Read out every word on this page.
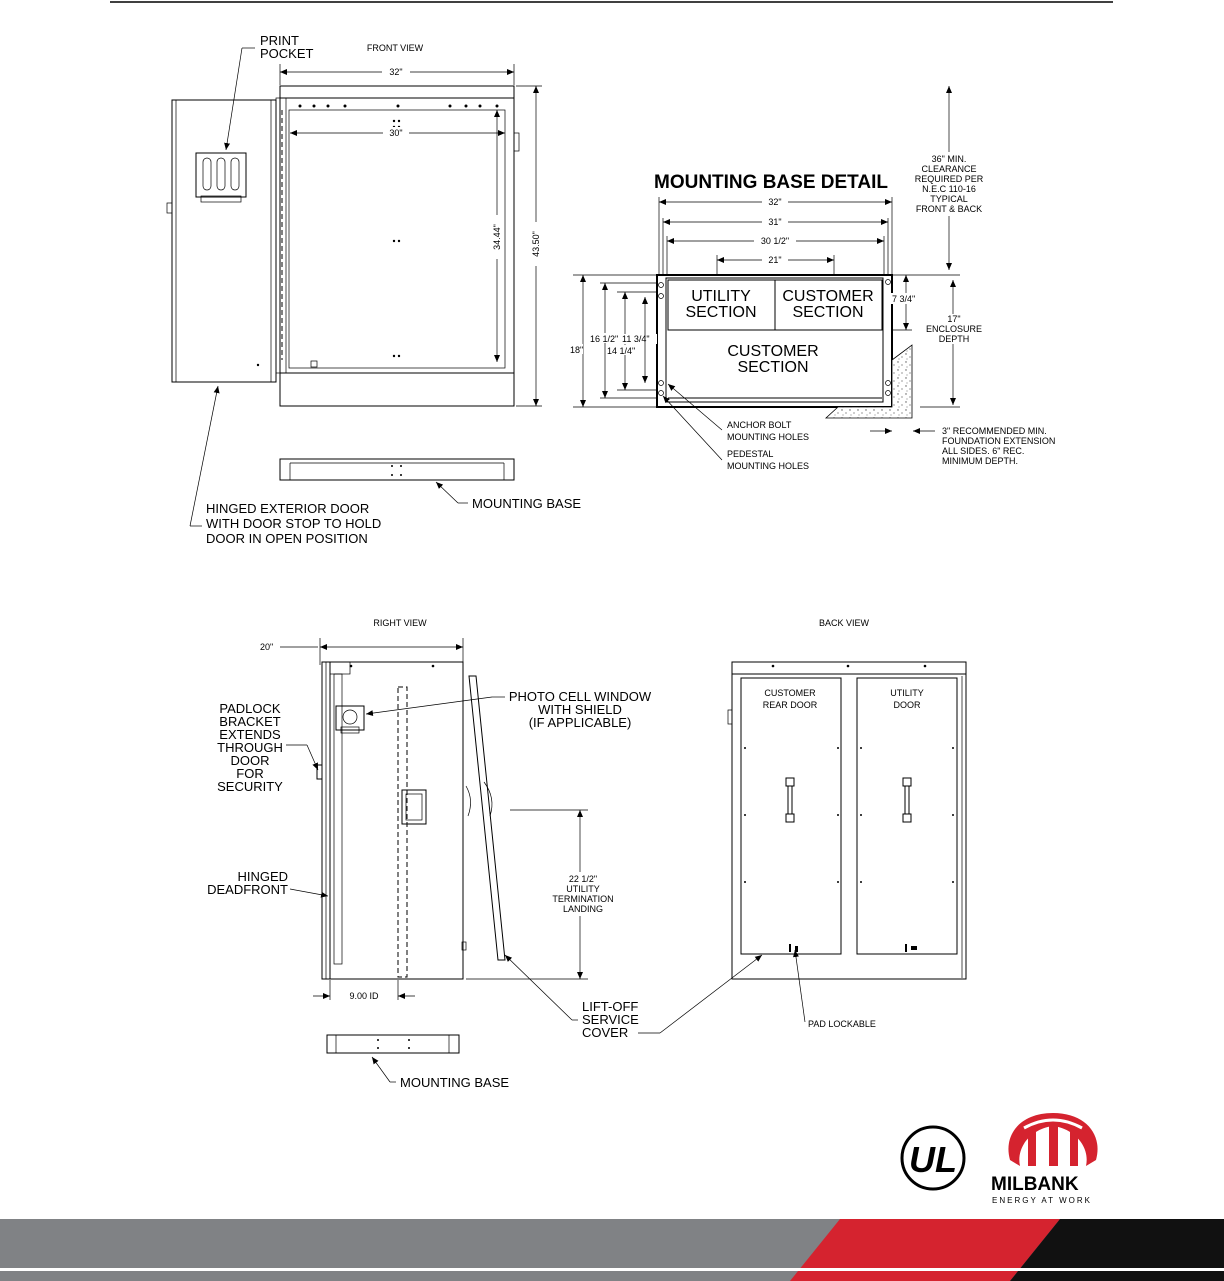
FRONT VIEW
PRINT
POCKET
32"
30"
34.44"	43.50"
MOUNTING BASE
HINGED EXTERIOR DOOR
WITH DOOR STOP TO HOLD
DOOR IN OPEN POSITION
MOUNTING BASE DETAIL
32"
31"
30 1/2"
21"
UTILITY
SECTION
CUSTOMER
SECTION
CUSTOMER
SECTION
18"
16 1/2" 11 3/4"
14 1/4"
7 3/4"
36" MIN.
CLEARANCE
REQUIRED PER
N.E.C 110-16
TYPICAL
FRONT & BACK
17"
ENCLOSURE
DEPTH
3" RECOMMENDED MIN.
FOUNDATION EXTENSION
ALL SIDES. 6" REC.
MINIMUM DEPTH.
ANCHOR BOLT
MOUNTING HOLES
PEDESTAL
MOUNTING HOLES
RIGHT VIEW
20"
22 1/2"
UTILITY
TERMINATION
LANDING
9.00 ID
PADLOCK
BRACKET
EXTENDS
THROUGH
DOOR
FOR
SECURITY
PHOTO CELL WINDOW
WITH SHIELD
(IF APPLICABLE)
HINGED
DEADFRONT
LIFT-OFF
SERVICE
COVER
MOUNTING BASE
BACK VIEW
CUSTOMER
REAR DOOR
UTILITY
DOOR
PAD LOCKABLE
UL
MILBANK
ENERGY AT WORK
